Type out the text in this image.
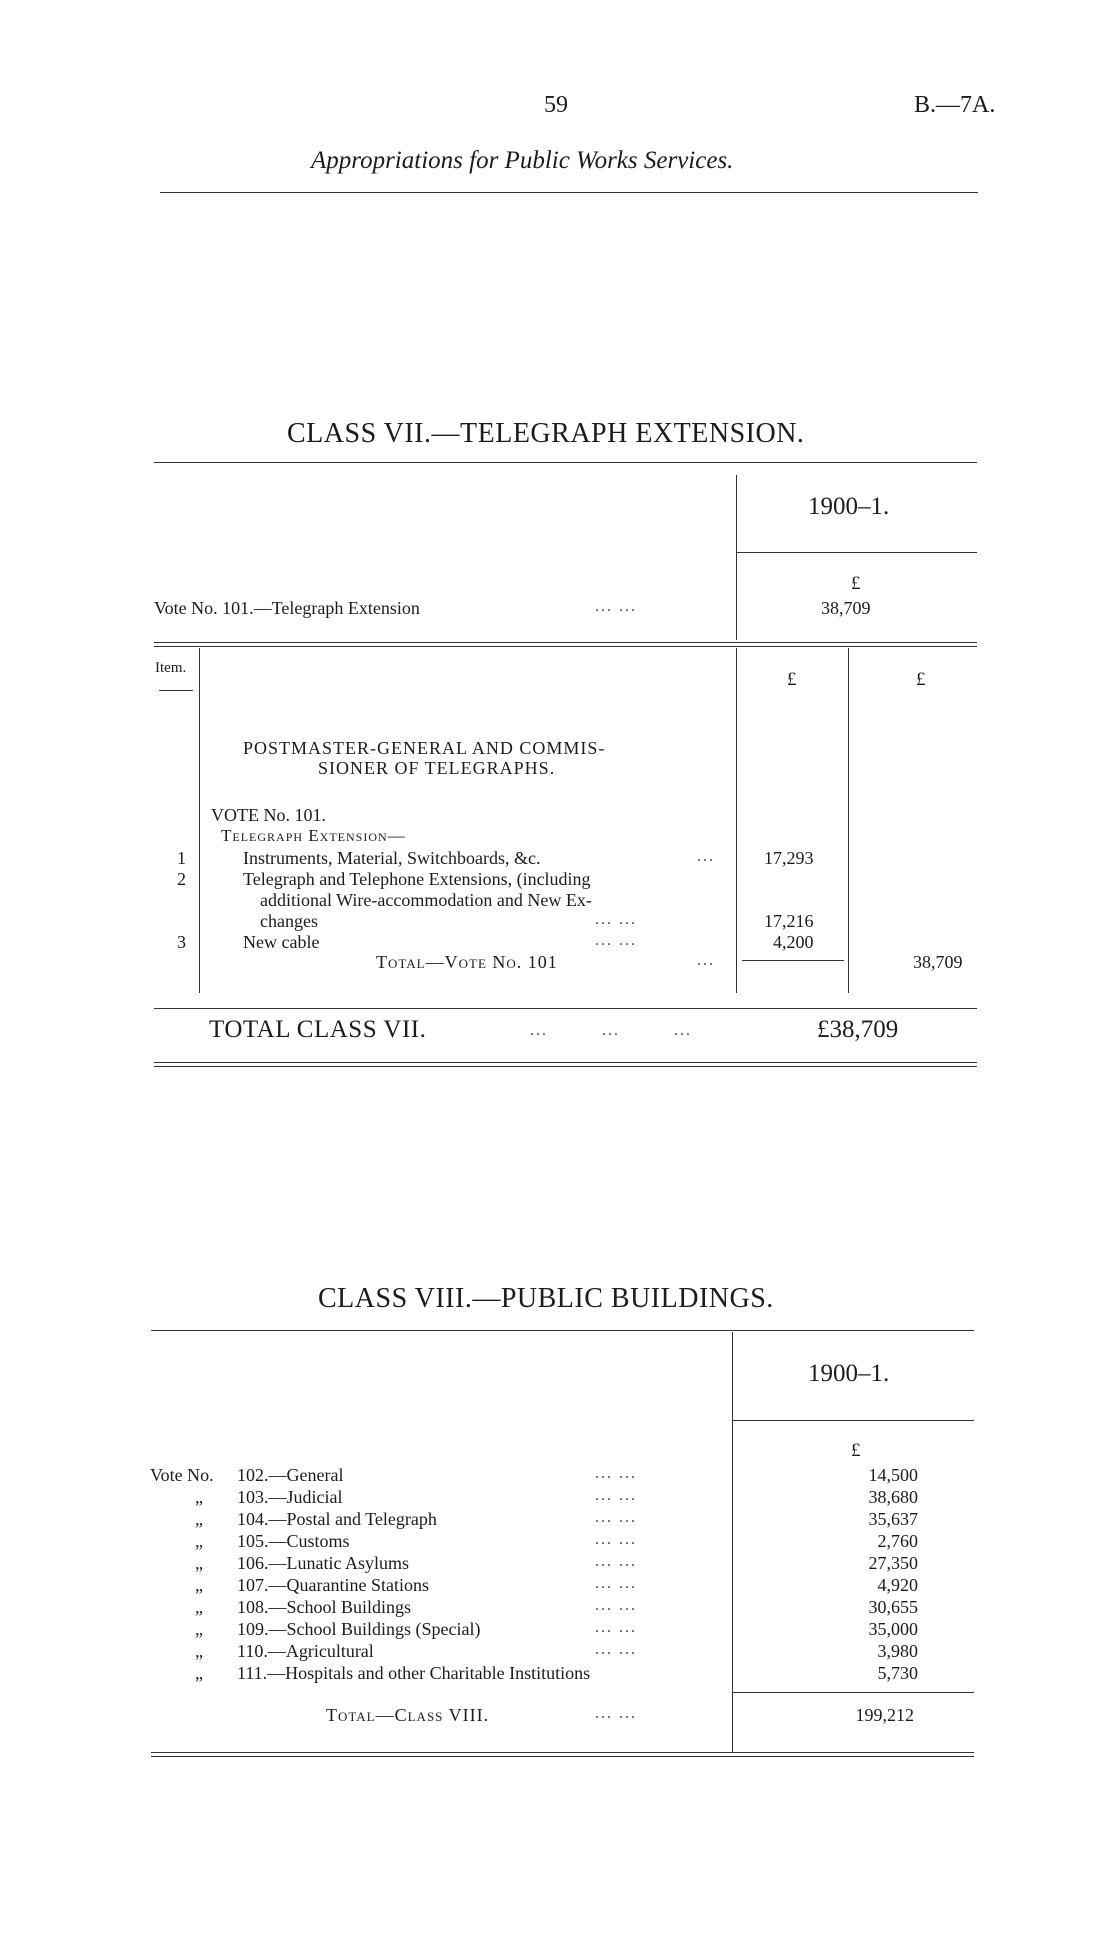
59	B.—7A.
Appropriations for Public Works Services.
CLASS VII.—TELEGRAPH EXTENSION.
1900–1.
£
Vote No. 101.—Telegraph Extension	... ...	38,709
Item.
£	£
POSTMASTER-GENERAL AND COMMIS-
SIONER OF TELEGRAPHS.
VOTE No. 101.
Telegraph Extension—
1	Instruments, Material, Switchboards, &c.	...	17,293
2	Telegraph and Telephone Extensions, (including
additional Wire-accommodation and New Ex-
changes	... ...	17,216
3	New cable	... ...	4,200
Total—Vote No. 101	...	38,709
TOTAL CLASS VII.	...         ...         ...	£38,709
CLASS VIII.—PUBLIC BUILDINGS.
1900–1.
£
Vote No. 102.—General	... ...	14,500
„ 103.—Judicial	... ...	38,680
„ 104.—Postal and Telegraph	... ...	35,637
„ 105.—Customs	... ...	2,760
„ 106.—Lunatic Asylums	... ...	27,350
„ 107.—Quarantine Stations	... ...	4,920
„ 108.—School Buildings	... ...	30,655
„ 109.—School Buildings (Special)	... ...	35,000
„ 110.—Agricultural	... ...	3,980
„ 111.—Hospitals and other Charitable Institutions	5,730
Total—Class VIII.	... ...	199,212
